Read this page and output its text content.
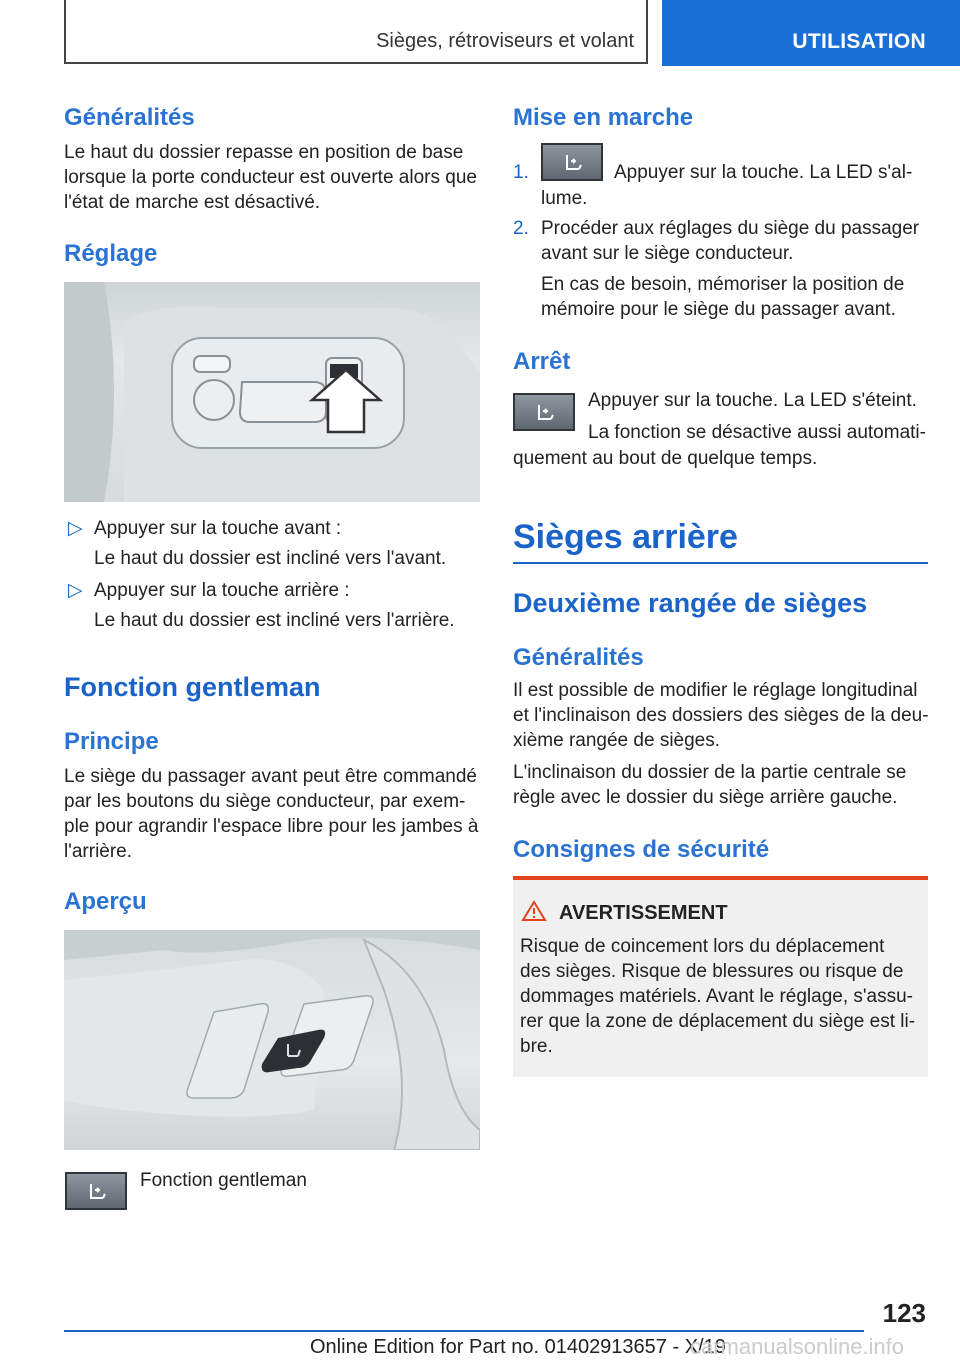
Sièges, rétroviseurs et volant	UTILISATION
Généralités
Le haut du dossier repasse en position de base
lorsque la porte conducteur est ouverte alors que
l'état de marche est désactivé.
Réglage
▷ Appuyer sur la touche avant :
Le haut du dossier est incliné vers l'avant.
▷ Appuyer sur la touche arrière :
Le haut du dossier est incliné vers l'arrière.
Fonction gentleman
Principe
Le siège du passager avant peut être commandé
par les boutons du siège conducteur, par exem-
ple pour agrandir l'espace libre pour les jambes à
l'arrière.
Aperçu
Fonction gentleman
Mise en marche
1.	Appuyer sur la touche. La LED s'al-
lume.
2. Procéder aux réglages du siège du passager
avant sur le siège conducteur.
En cas de besoin, mémoriser la position de
mémoire pour le siège du passager avant.
Arrêt
Appuyer sur la touche. La LED s'éteint.
La fonction se désactive aussi automati-
quement au bout de quelque temps.
Sièges arrière
Deuxième rangée de sièges
Généralités
Il est possible de modifier le réglage longitudinal
et l'inclinaison des dossiers des sièges de la deu-
xième rangée de sièges.
L'inclinaison du dossier de la partie centrale se
règle avec le dossier du siège arrière gauche.
Consignes de sécurité
AVERTISSEMENT
Risque de coincement lors du déplacement
des sièges. Risque de blessures ou risque de
dommages matériels. Avant le réglage, s'assu-
rer que la zone de déplacement du siège est li-
bre.
123
Online Edition for Part no. 01402913657 - X/19
carmanualsonline.info
